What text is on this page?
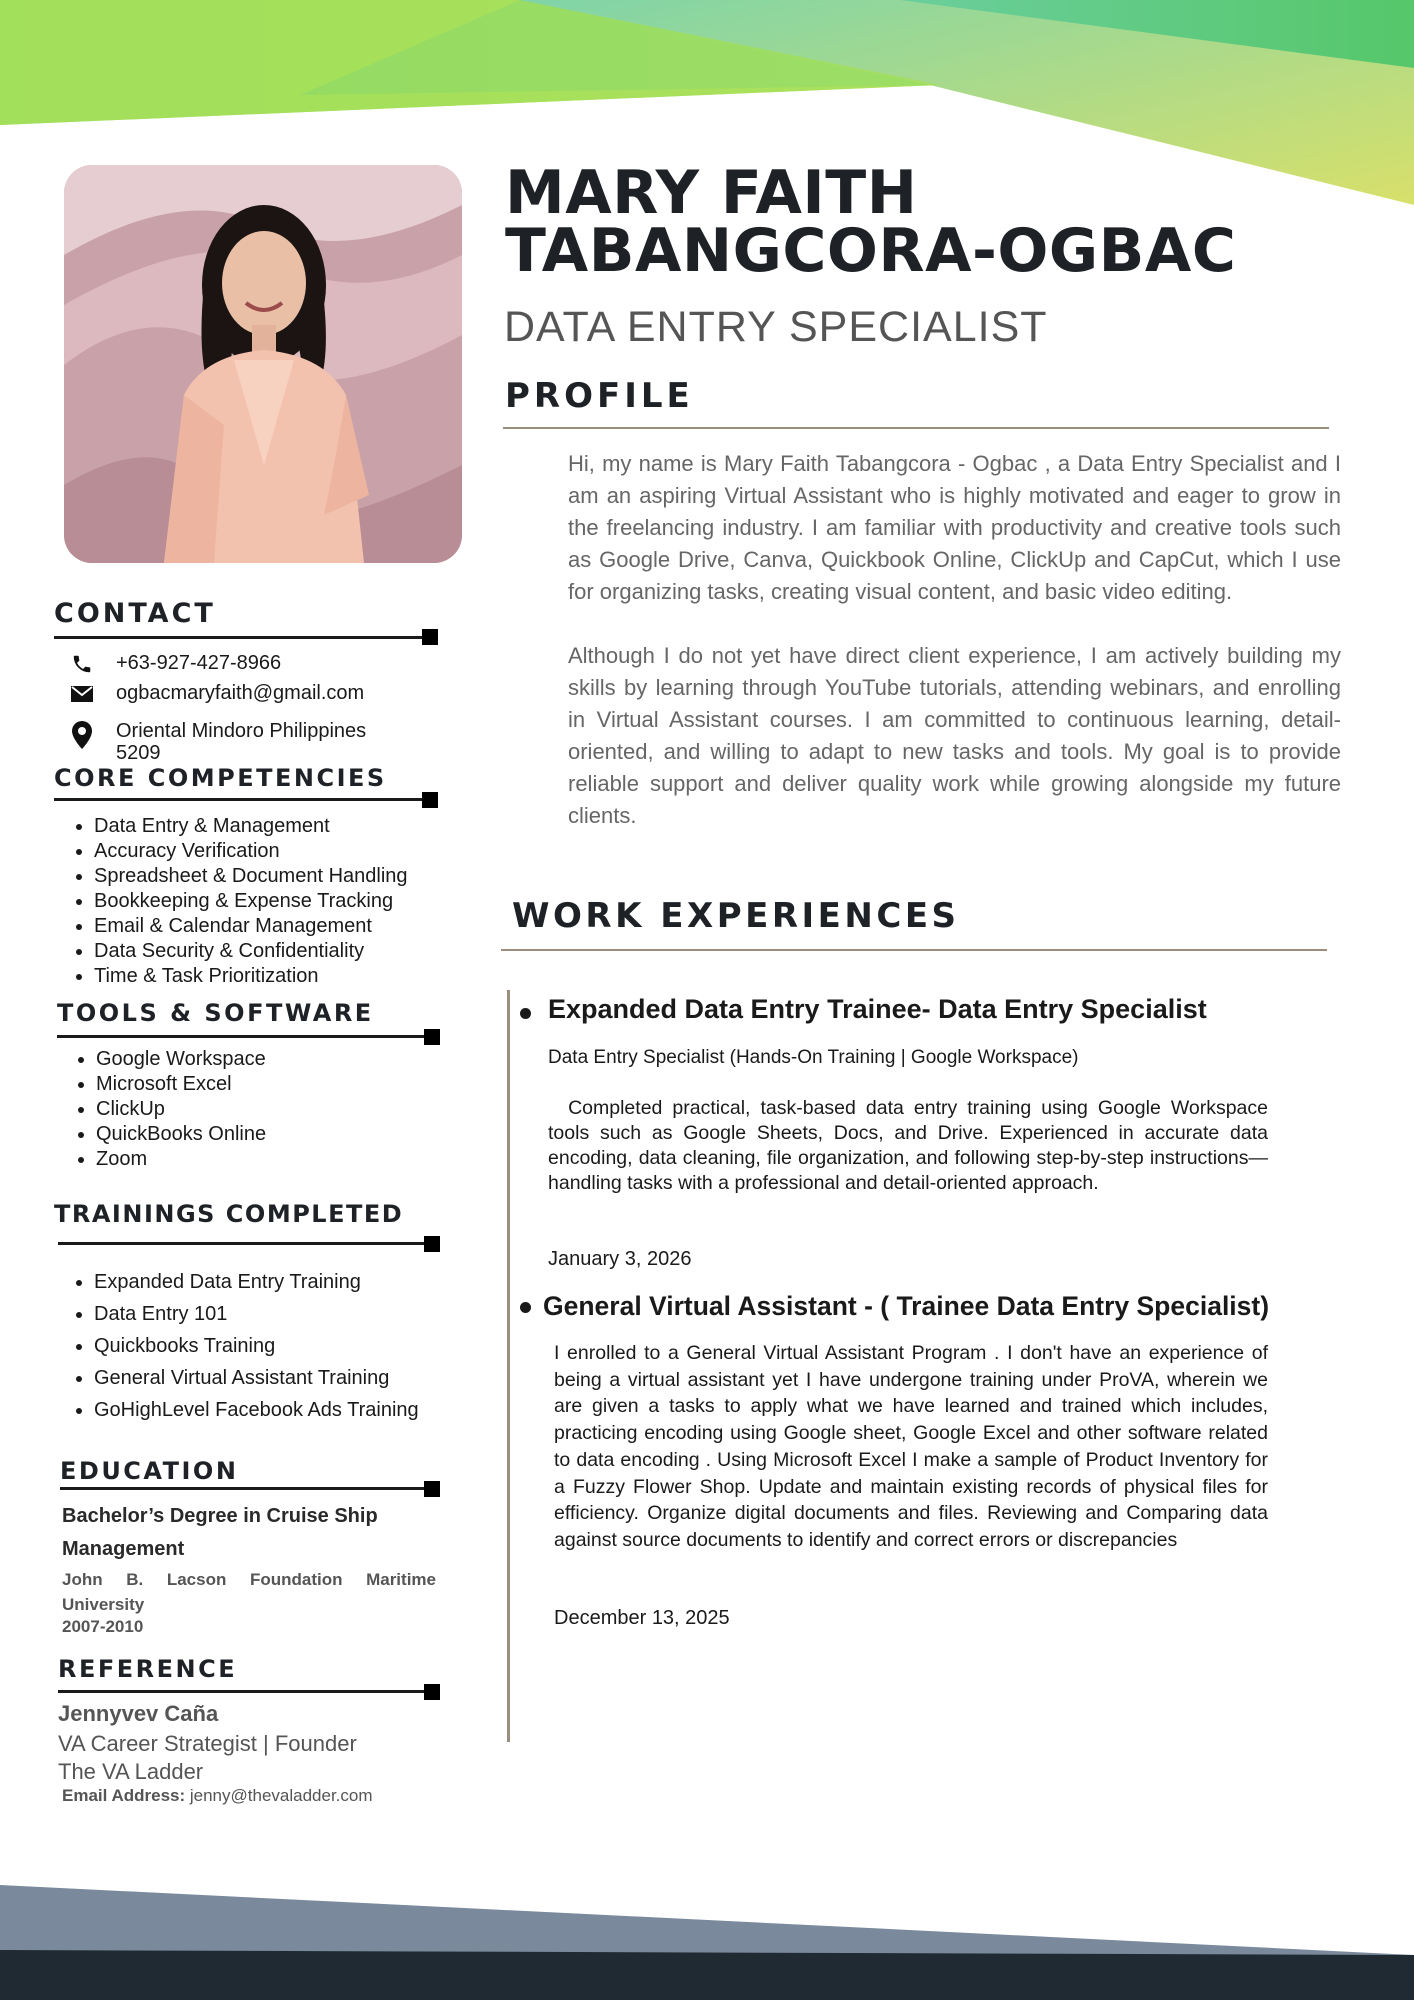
CONTACT
+63-927-427-8966
ogbacmaryfaith@gmail.com
Oriental Mindoro Philippines
5209
CORE COMPETENCIES
• Data Entry & Management
• Accuracy Verification
• Spreadsheet & Document Handling
• Bookkeeping & Expense Tracking
• Email & Calendar Management
• Data Security & Confidentiality
• Time & Task Prioritization
TOOLS & SOFTWARE
• Google Workspace
• Microsoft Excel
• ClickUp
• QuickBooks Online
• Zoom
TRAININGS COMPLETED
• Expanded Data Entry Training
• Data Entry 101
• Quickbooks Training
• General Virtual Assistant Training
• GoHighLevel Facebook Ads Training
EDUCATION
Bachelor’s Degree in Cruise Ship Management
John B. Lacson Foundation Maritime University
2007-2010
REFERENCE
Jennyvev Caña
VA Career Strategist | Founder
The VA Ladder
Email Address: jenny@thevaladder.com
MARY FAITH
TABANGCORA-OGBAC
DATA ENTRY SPECIALIST
PROFILE

Hi, my name is Mary Faith Tabangcora - Ogbac , a Data Entry Specialist and I am an aspiring Virtual Assistant who is highly motivated and eager to grow in the freelancing industry. I am familiar with productivity and creative tools such as Google Drive, Canva, Quickbook Online, ClickUp and CapCut, which I use for organizing tasks, creating visual content, and basic video editing.

Although I do not yet have direct client experience, I am actively building my skills by learning through YouTube tutorials, attending webinars, and enrolling in Virtual Assistant courses. I am committed to continuous learning, detail-oriented, and willing to adapt to new tasks and tools. My goal is to provide reliable support and deliver quality work while growing alongside my future clients.

WORK EXPERIENCES
Expanded Data Entry Trainee- Data Entry Specialist
Data Entry Specialist (Hands-On Training | Google Workspace)

Completed practical, task-based data entry training using Google Workspace tools such as Google Sheets, Docs, and Drive. Experienced in accurate data encoding, data cleaning, file organization, and following step-by-step instructions—handling tasks with a professional and detail-oriented approach.

January 3, 2026
General Virtual Assistant - ( Trainee Data Entry Specialist)

I enrolled to a General Virtual Assistant Program . I don't have an experience of being a virtual assistant yet I have undergone training under ProVA, wherein we are given a tasks to apply what we have learned and trained which includes, practicing encoding using Google sheet, Google Excel and other software related to data encoding . Using Microsoft Excel I make a sample of Product Inventory for a Fuzzy Flower Shop. Update and maintain existing records of physical files for efficiency. Organize digital documents and files. Reviewing and Comparing data against source documents to identify and correct errors or discrepancies

December 13, 2025
